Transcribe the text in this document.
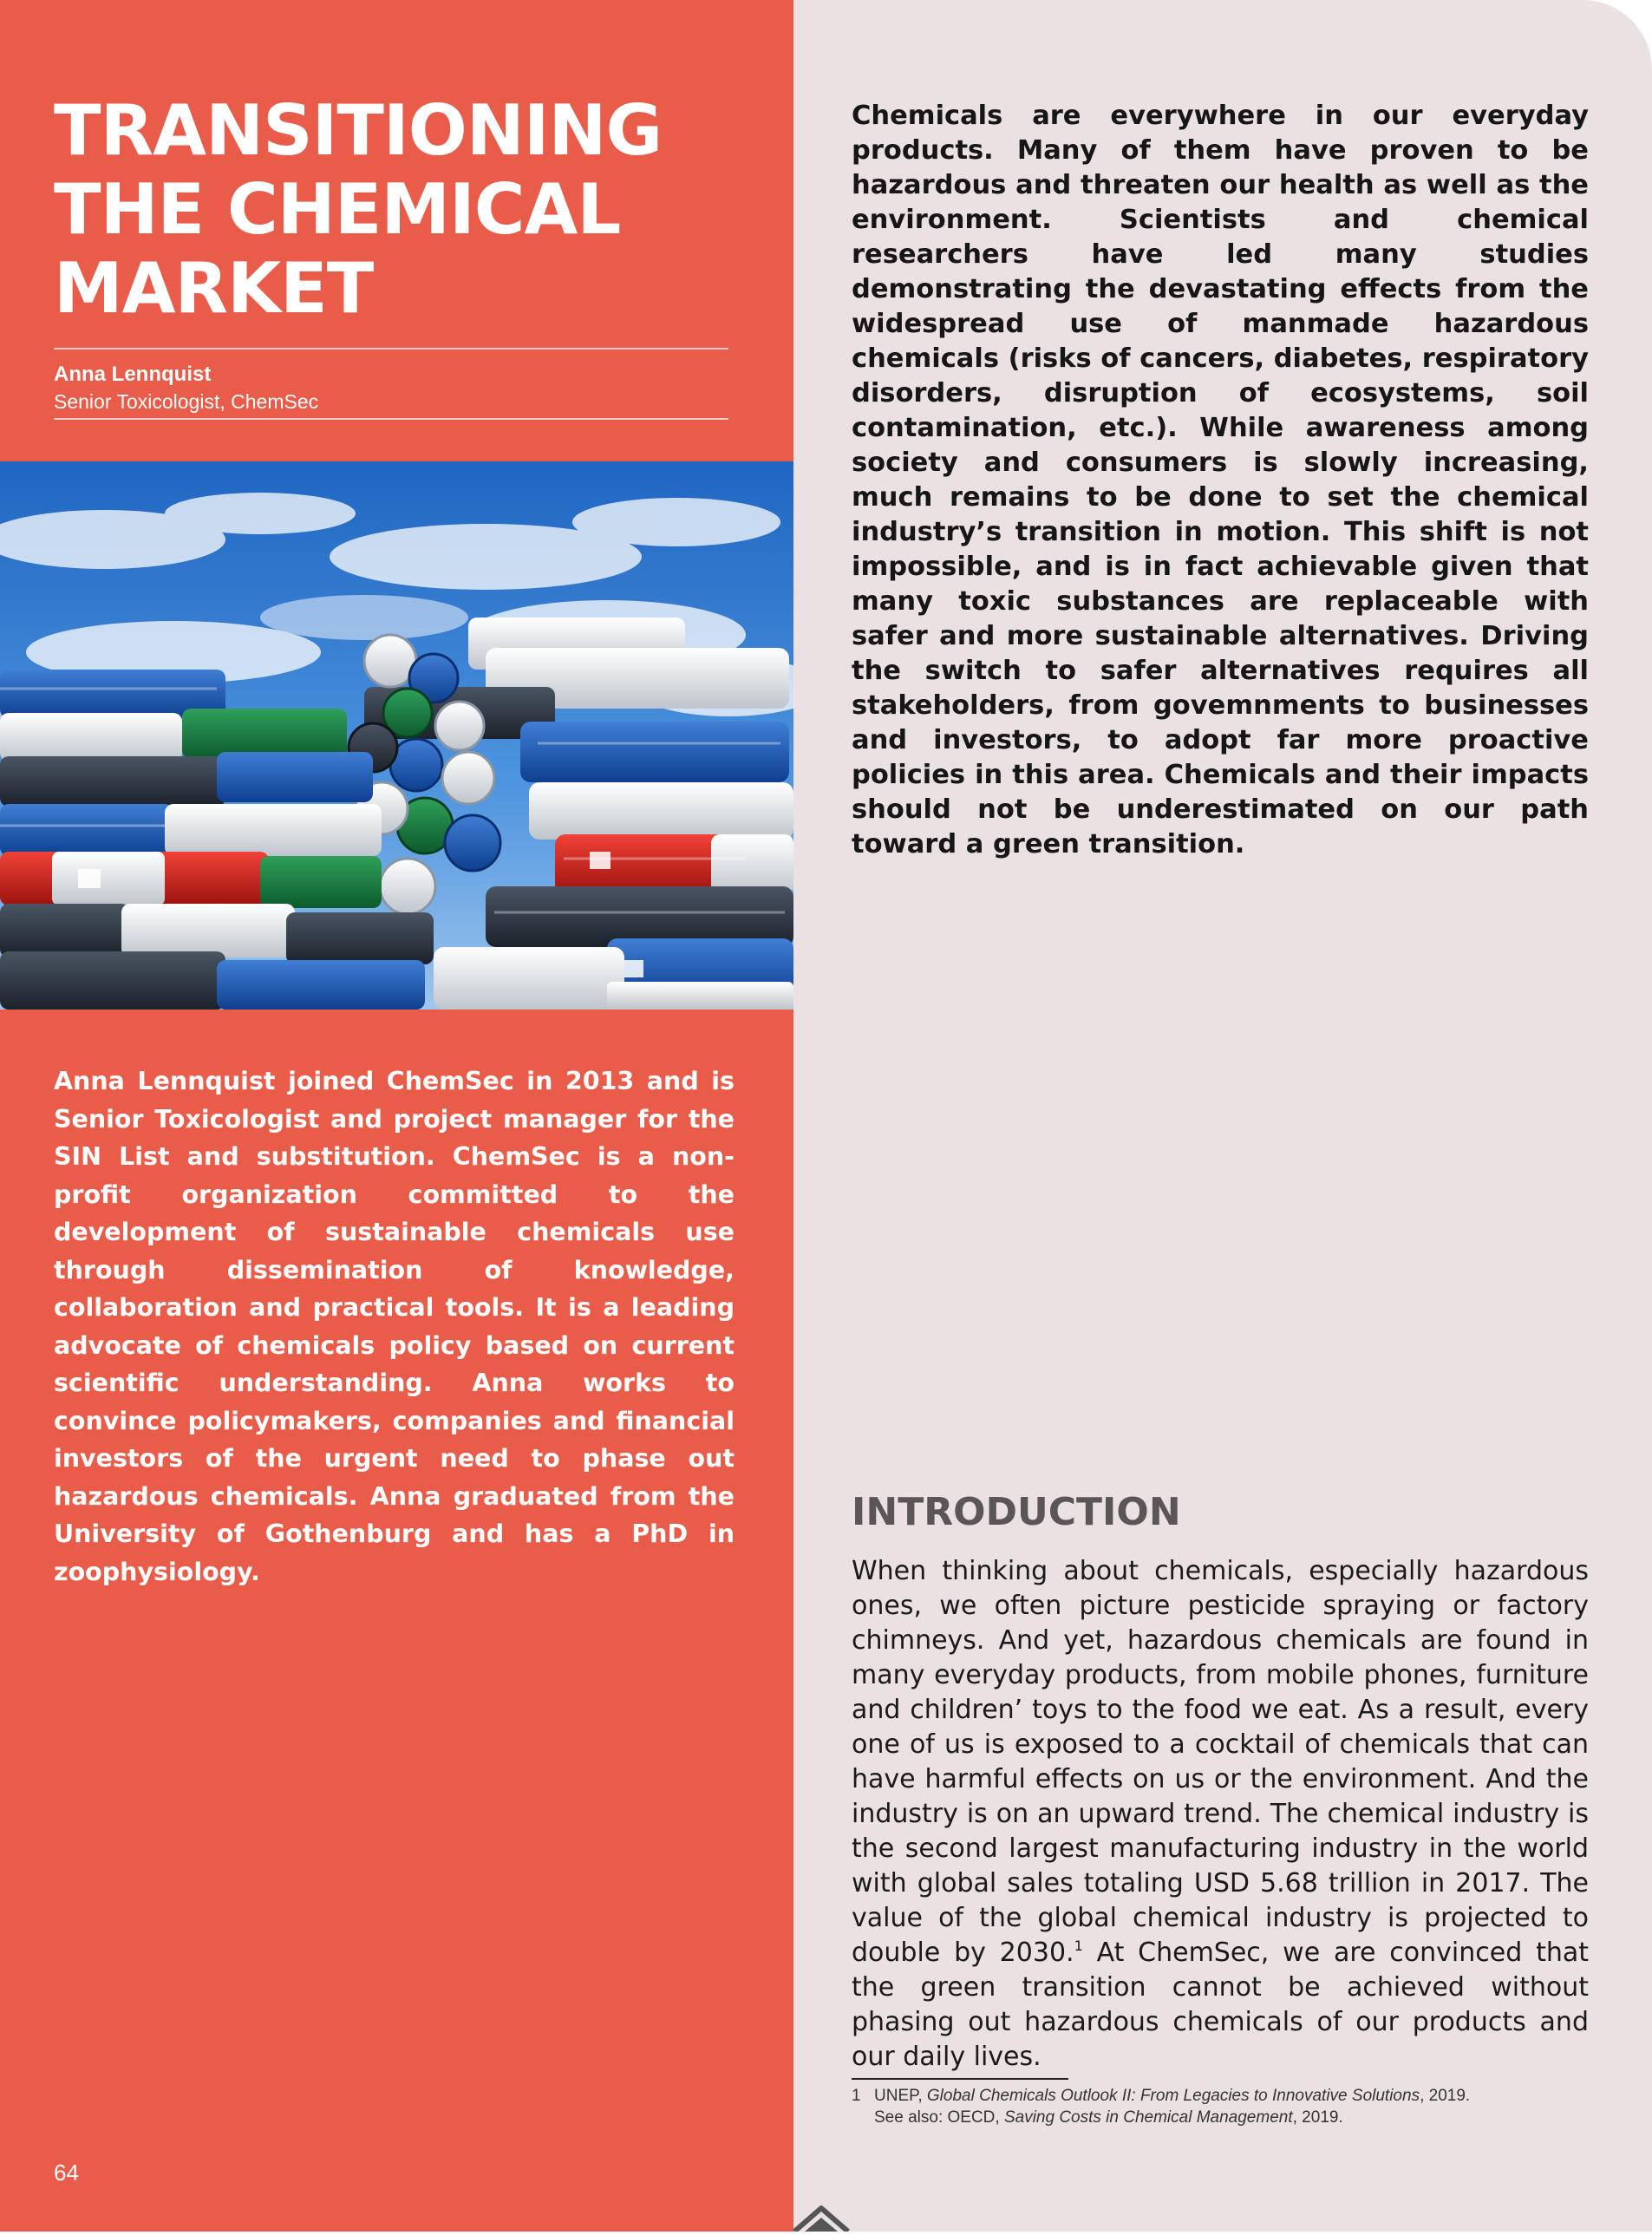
TRANSITIONING
THE CHEMICAL
MARKET
Anna Lennquist
Senior Toxicologist, ChemSec

Anna Lennquist joined ChemSec in 2013 and is Senior Toxicologist and project manager for the SIN List and substitution. ChemSec is a non-profit organization committed to the development of sustainable chemicals use through dissemination of knowledge, collaboration and practical tools. It is a leading advocate of chemicals policy based on current scientific understanding. Anna works to convince policymakers, companies and financial investors of the urgent need to phase out hazardous chemicals. Anna graduated from the University of Gothenburg and has a PhD in zoophysiology.

64

Chemicals are everywhere in our everyday products. Many of them have proven to be hazardous and threaten our health as well as the environment. Scientists and chemical researchers have led many studies demonstrating the devastating effects from the widespread use of manmade hazardous chemicals (risks of cancers, diabetes, respiratory disorders, disruption of ecosystems, soil contamination, etc.). While awareness among society and consumers is slowly increasing, much remains to be done to set the chemical industry’s transition in motion. This shift is not impossible, and is in fact achievable given that many toxic substances are replaceable with safer and more sustainable alternatives. Driving the switch to safer alternatives requires all stakeholders, from govemnments to businesses and investors, to adopt far more proactive policies in this area. Chemicals and their impacts should not be underestimated on our path toward a green transition.

INTRODUCTION

When thinking about chemicals, especially hazardous ones, we often picture pesticide spraying or factory chimneys. And yet, hazardous chemicals are found in many everyday products, from mobile phones, furniture and children’ toys to the food we eat. As a result, every one of us is exposed to a cocktail of chemicals that can have harmful effects on us or the environment. And the industry is on an upward trend. The chemical industry is the second largest manufacturing industry in the world with global sales totaling USD 5.68 trillion in 2017. The value of the global chemical industry is projected to double by 2030.$^1$ At ChemSec, we are convinced that the green transition cannot be achieved without phasing out hazardous chemicals of our products and our daily lives.

1 UNEP, Global Chemicals Outlook II: From Legacies to Innovative Solutions, 2019.
See also: OECD, Saving Costs in Chemical Management, 2019.
